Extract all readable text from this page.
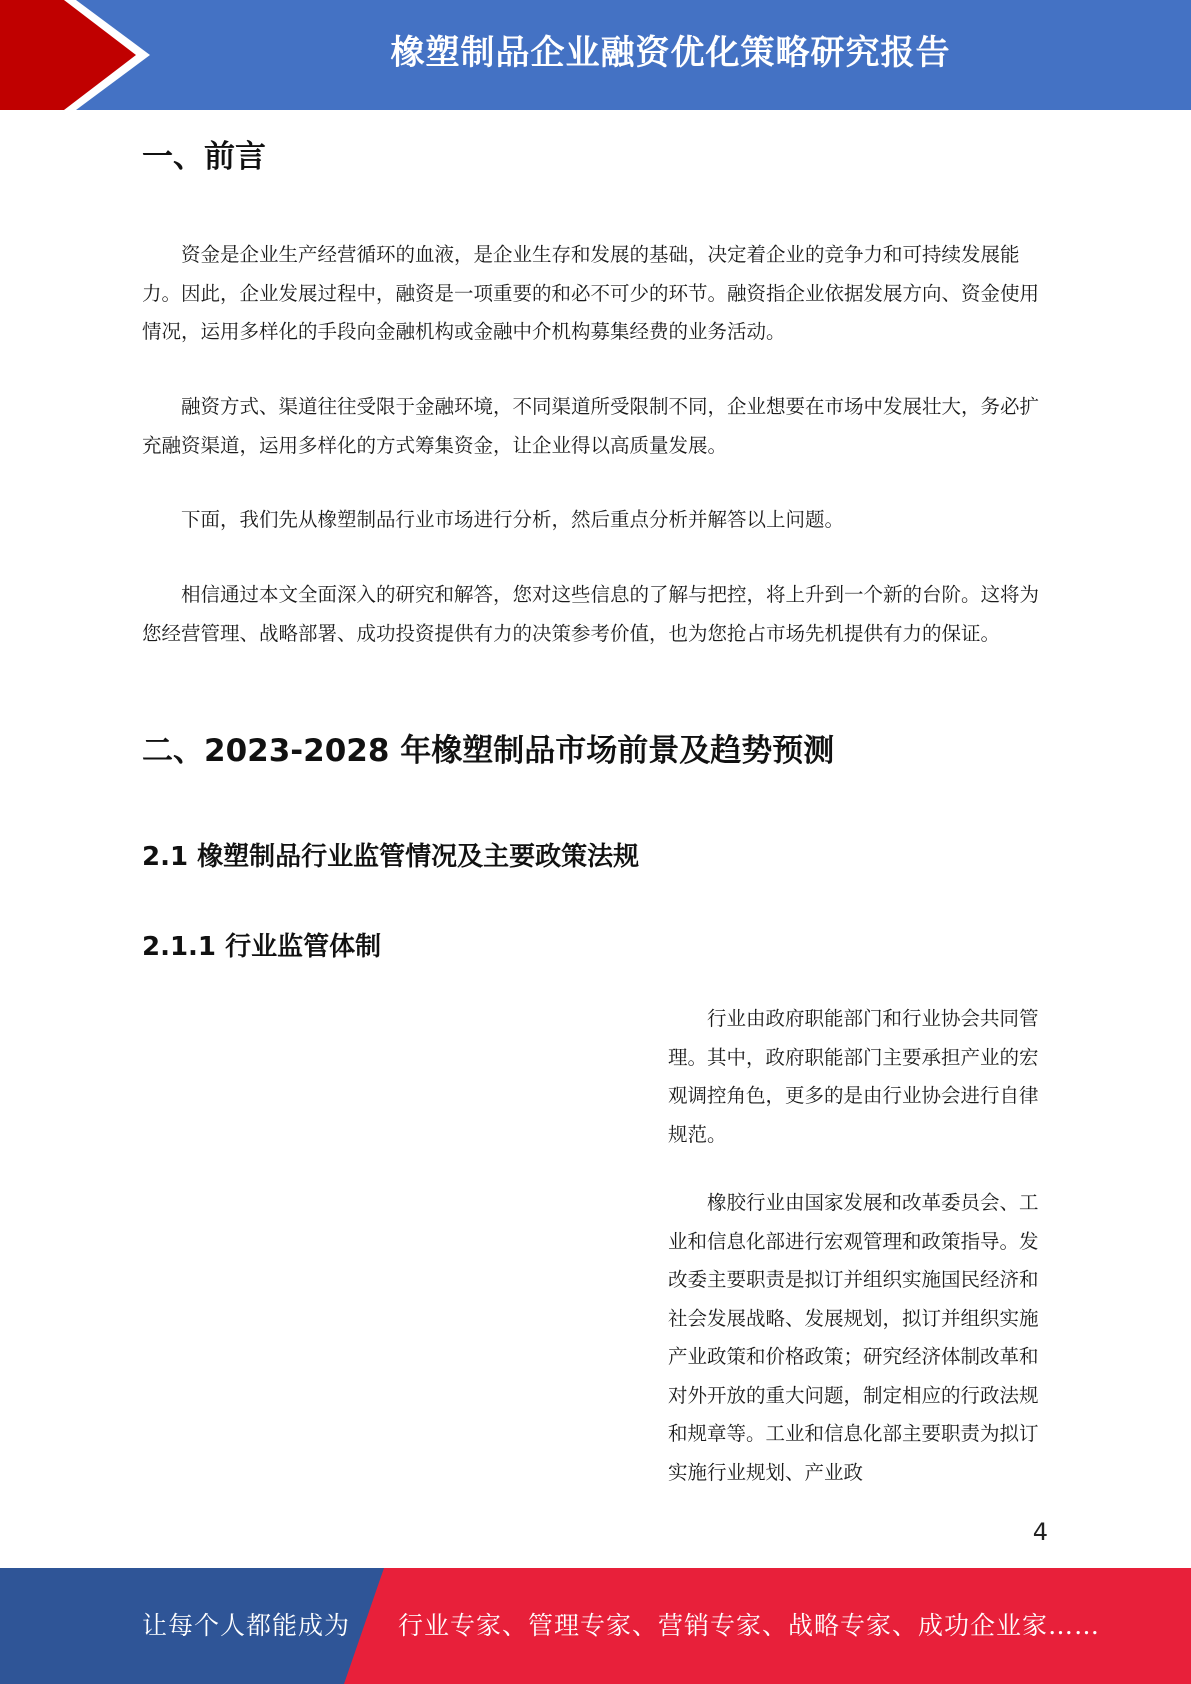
橡塑制品企业融资优化策略研究报告
一、前言

资金是企业生产经营循环的血液，是企业生存和发展的基础，决定着企业的竞争力和可持续发展能力。因此，企业发展过程中，融资是一项重要的和必不可少的环节。融资指企业依据发展方向、资金使用情况，运用多样化的手段向金融机构或金融中介机构募集经费的业务活动。

融资方式、渠道往往受限于金融环境，不同渠道所受限制不同，企业想要在市场中发展壮大，务必扩充融资渠道，运用多样化的方式筹集资金，让企业得以高质量发展。

下面，我们先从橡塑制品行业市场进行分析，然后重点分析并解答以上问题。

相信通过本文全面深入的研究和解答，您对这些信息的了解与把控，将上升到一个新的台阶。这将为您经营管理、战略部署、成功投资提供有力的决策参考价值，也为您抢占市场先机提供有力的保证。

二、2023-2028 年橡塑制品市场前景及趋势预测
2.1 橡塑制品行业监管情况及主要政策法规
2.1.1 行业监管体制

行业由政府职能部门和行业协会共同管理。其中，政府职能部门主要承担产业的宏观调控角色，更多的是由行业协会进行自律规范。

橡胶行业由国家发展和改革委员会、工业和信息化部进行宏观管理和政策指导。发改委主要职责是拟订并组织实施国民经济和社会发展战略、发展规划，拟订并组织实施产业政策和价格政策；研究经济体制改革和对外开放的重大问题，制定相应的行政法规和规章等。工业和信息化部主要职责为拟订实施行业规划、产业政

4
让每个人都能成为 行业专家、管理专家、营销专家、战略专家、成功企业家……
